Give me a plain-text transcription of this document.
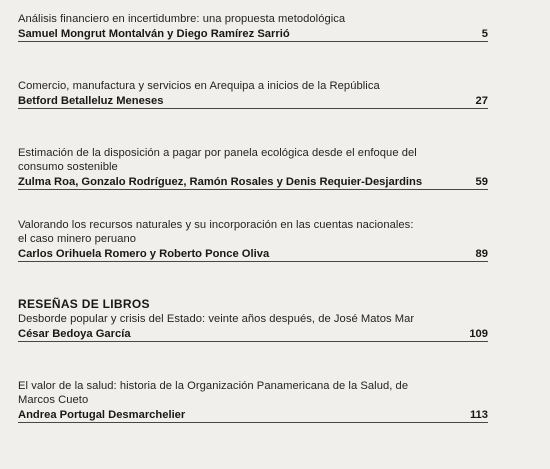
Análisis financiero en incertidumbre: una propuesta metodológica
Samuel Mongrut Montalván y Diego Ramírez Sarrió	5
Comercio, manufactura y servicios en Arequipa a inicios de la República
Betford Betalleluz Meneses	27
Estimación de la disposición a pagar por panela ecológica desde el enfoque del
consumo sostenible
Zulma Roa, Gonzalo Rodríguez, Ramón Rosales y Denis Requier-Desjardins	59
Valorando los recursos naturales y su incorporación en las cuentas nacionales:
el caso minero peruano
Carlos Orihuela Romero y Roberto Ponce Oliva	89
RESEÑAS DE LIBROS
Desborde popular y crisis del Estado: veinte años después, de José Matos Mar
César Bedoya García	109
El valor de la salud: historia de la Organización Panamericana de la Salud, de
Marcos Cueto
Andrea Portugal Desmarchelier	113
